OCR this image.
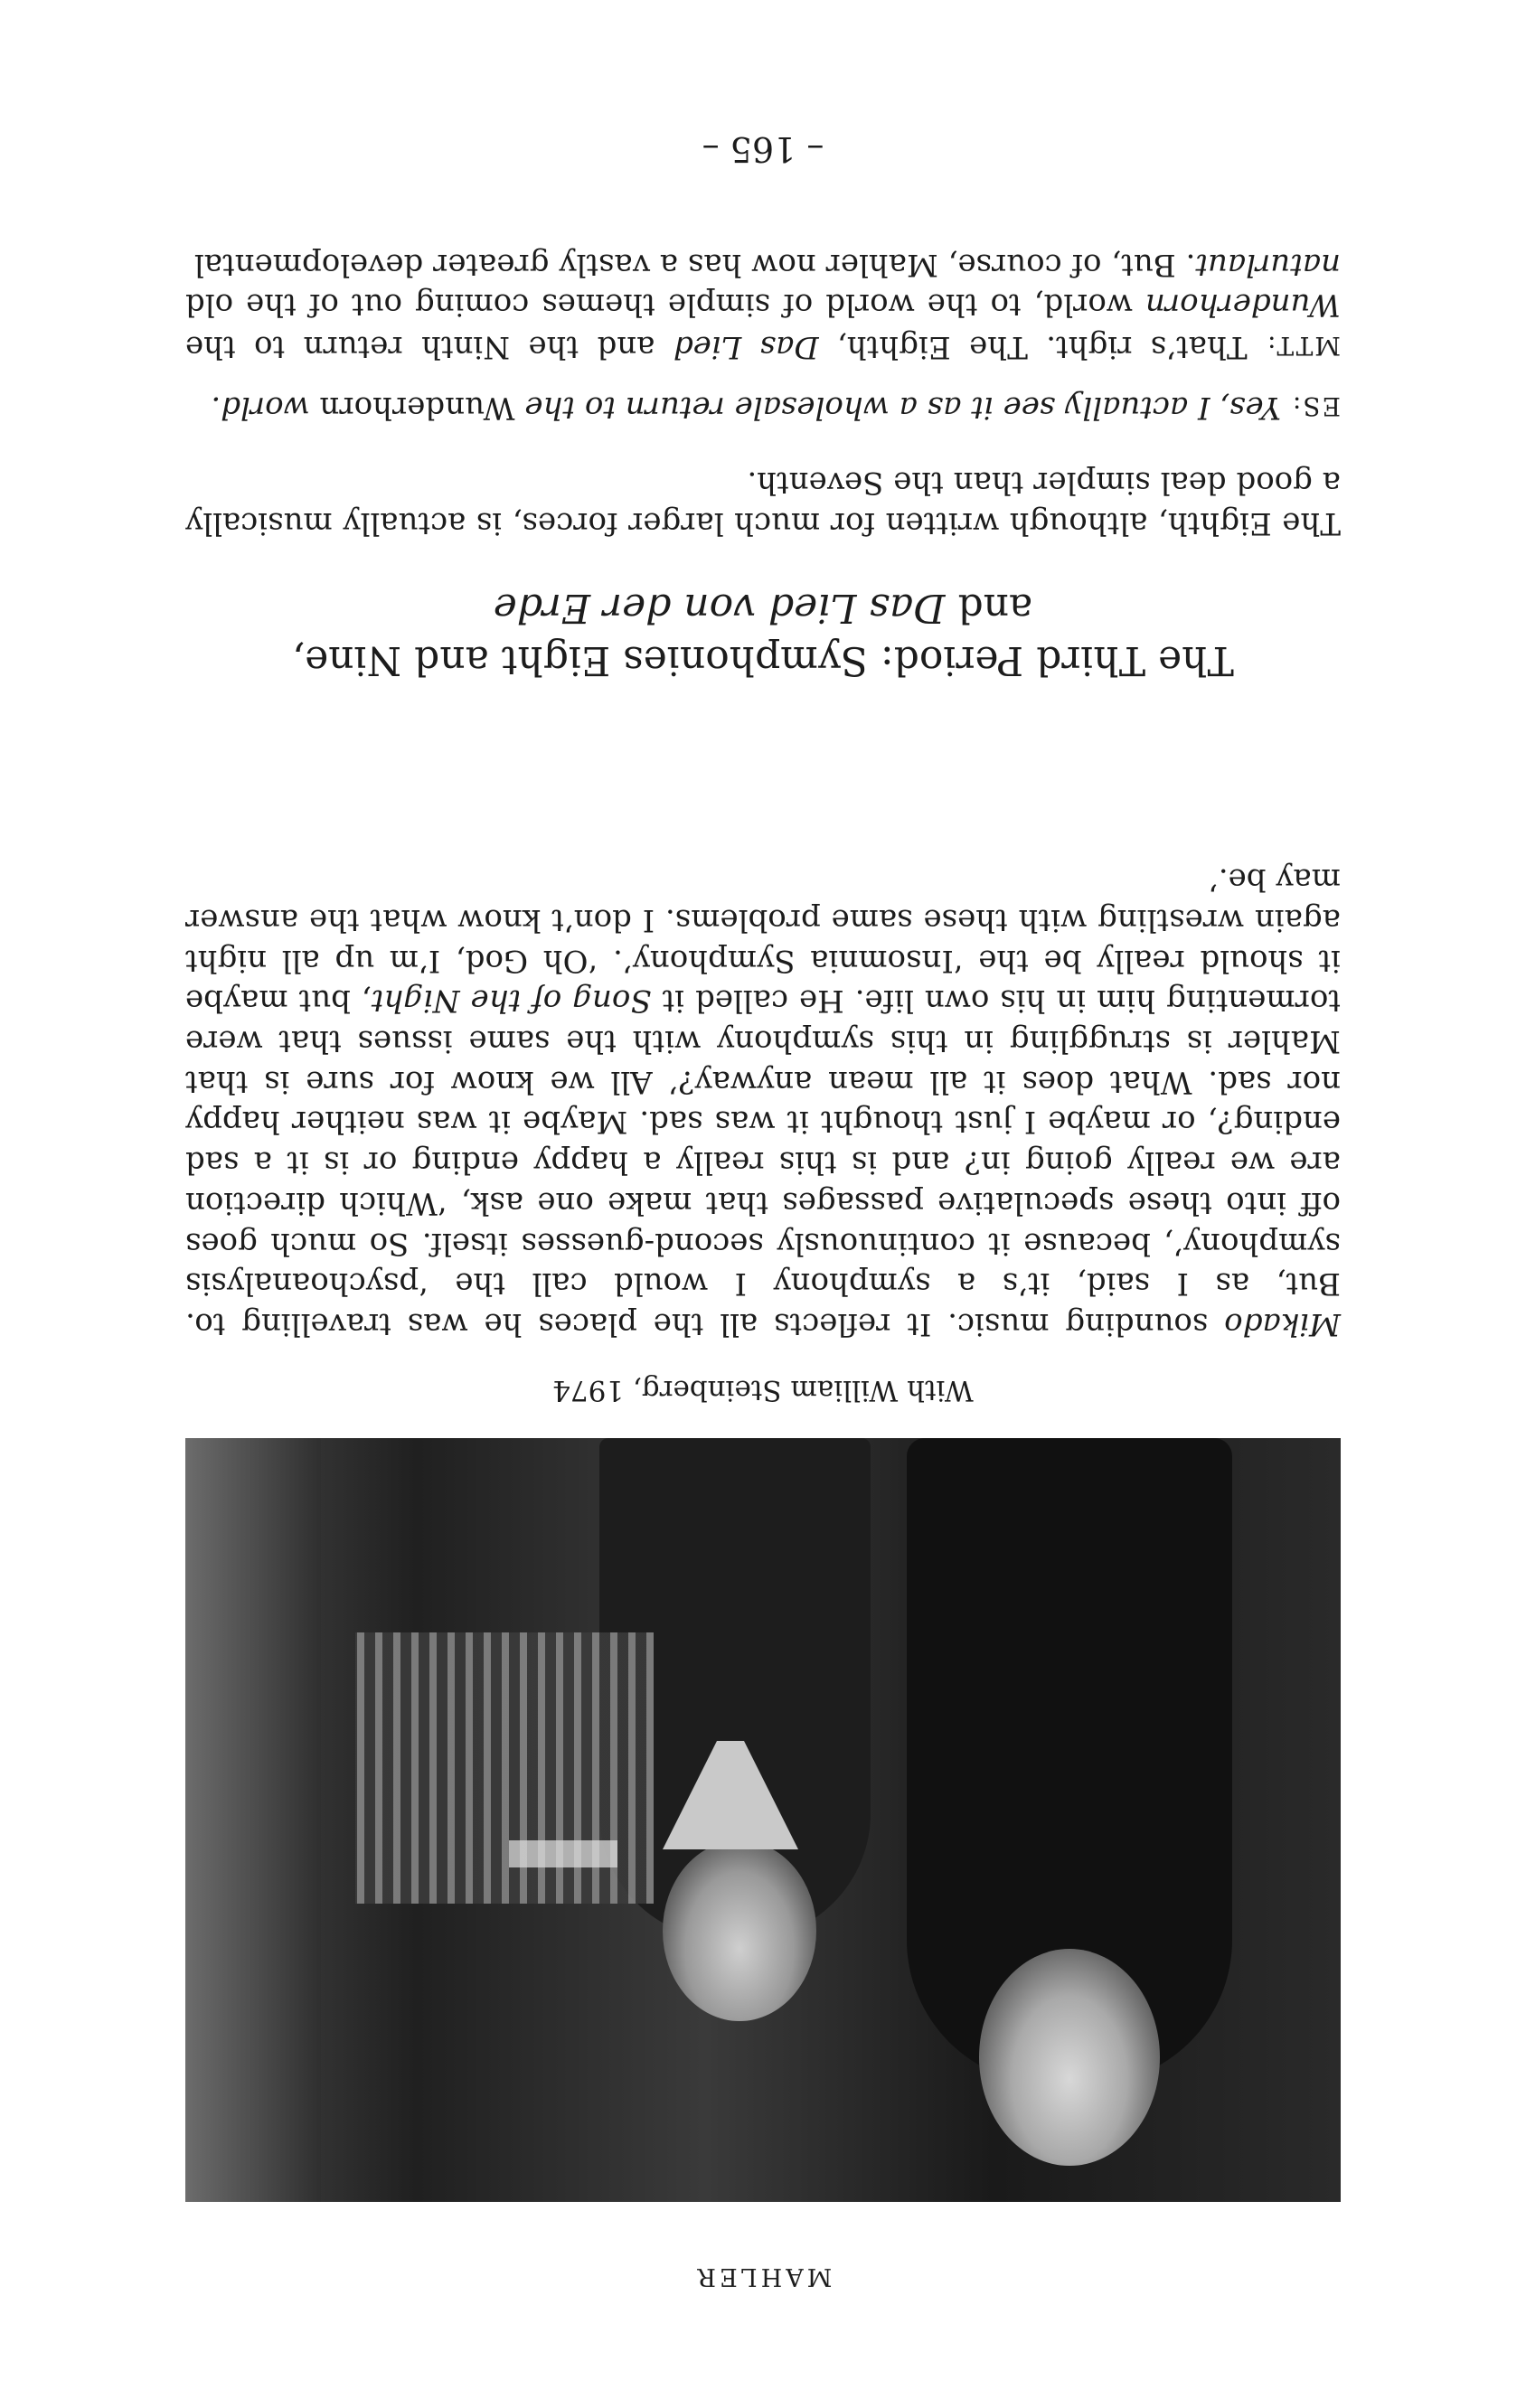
MAHLER
With William Steinberg, 1974

Mikado sounding music. It reflects all the places he was travelling to. But, as I said, it’s a symphony I would call the ‘psychoanalysis symphony’, because it continuously second-guesses itself. So much goes off into these speculative passages that make one ask, ‘Which direction are we really going in? and is this really a happy ending or is it a sad ending?, or maybe I just thought it was sad. Maybe it was neither happy nor sad. What does it all mean anyway?’ All we know for sure is that Mahler is struggling in this symphony with the same issues that were tormenting him in his own life. He called it Song of the Night, but maybe it should really be the ‘Insomnia Symphony’. ‘Oh God, I’m up all night again wrestling with these same problems. I don’t know what the answer may be.’

The Third Period: Symphonies Eight and Nine,
and Das Lied von der Erde

The Eighth, although written for much larger forces, is actually musically a good deal simpler than the Seventh.

ES: Yes, I actually see it as a wholesale return to the Wunderhorn world.

MTT: That’s right. The Eighth, Das Lied and the Ninth return to the Wunderhorn world, to the world of simple themes coming out of the old naturlaut. But, of course, Mahler now has a vastly greater developmental

– 165 –
